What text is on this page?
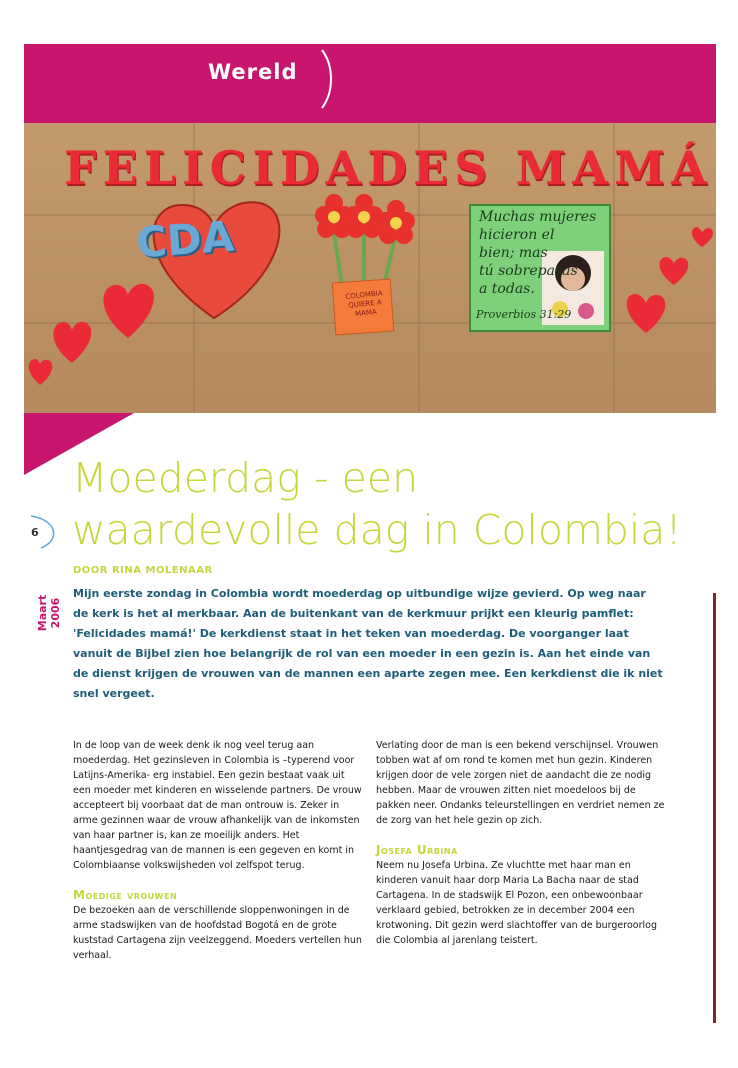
Wereld
FELICIDADES MAMÁ
CDA
COLOMBIA QUIERE A MAMA
Muchas mujeres
hicieron el
bien; mas
tú sobrepasas
a todas.
Proverbios 31:29
6
Maart 2006
Moederdag - een
waardevolle dag in Colombia!
DOOR RINA MOLENAAR

Mijn eerste zondag in Colombia wordt moederdag op uitbundige wijze gevierd. Op weg naar de kerk is het al merkbaar. Aan de buitenkant van de kerkmuur prijkt een kleurig pamflet: 'Felicidades mamá!' De kerkdienst staat in het teken van moederdag. De voorganger laat vanuit de Bijbel zien hoe belangrijk de rol van een moeder in een gezin is. Aan het einde van de dienst krijgen de vrouwen van de mannen een aparte zegen mee. Een kerkdienst die ik niet snel vergeet.

In de loop van de week denk ik nog veel terug aan moederdag. Het gezinsleven in Colombia is –typerend voor Latijns-Amerika- erg instabiel. Een gezin bestaat vaak uit een moeder met kinderen en wisselende partners. De vrouw accepteert bij voorbaat dat de man ontrouw is. Zeker in arme gezinnen waar de vrouw afhankelijk van de inkomsten van haar partner is, kan ze moeilijk anders. Het haantjesgedrag van de mannen is een gegeven en komt in Colombiaanse volkswijsheden vol zelfspot terug.

Moedige vrouwen

De bezoeken aan de verschillende sloppenwoningen in de arme stadswijken van de hoofdstad Bogotá en de grote kuststad Cartagena zijn veelzeggend. Moeders vertellen hun verhaal.

Verlating door de man is een bekend verschijnsel. Vrouwen tobben wat af om rond te komen met hun gezin. Kinderen krijgen door de vele zorgen niet de aandacht die ze nodig hebben. Maar de vrouwen zitten niet moedeloos bij de pakken neer. Ondanks teleurstellingen en verdriet nemen ze de zorg van het hele gezin op zich.

Josefa Urbina

Neem nu Josefa Urbina. Ze vluchtte met haar man en kinderen vanuit haar dorp Maria La Bacha naar de stad Cartagena. In de stadswijk El Pozon, een onbewoonbaar verklaard gebied, betrokken ze in december 2004 een krotwoning. Dit gezin werd slachtoffer van de burgeroorlog die Colombia al jarenlang teistert.
